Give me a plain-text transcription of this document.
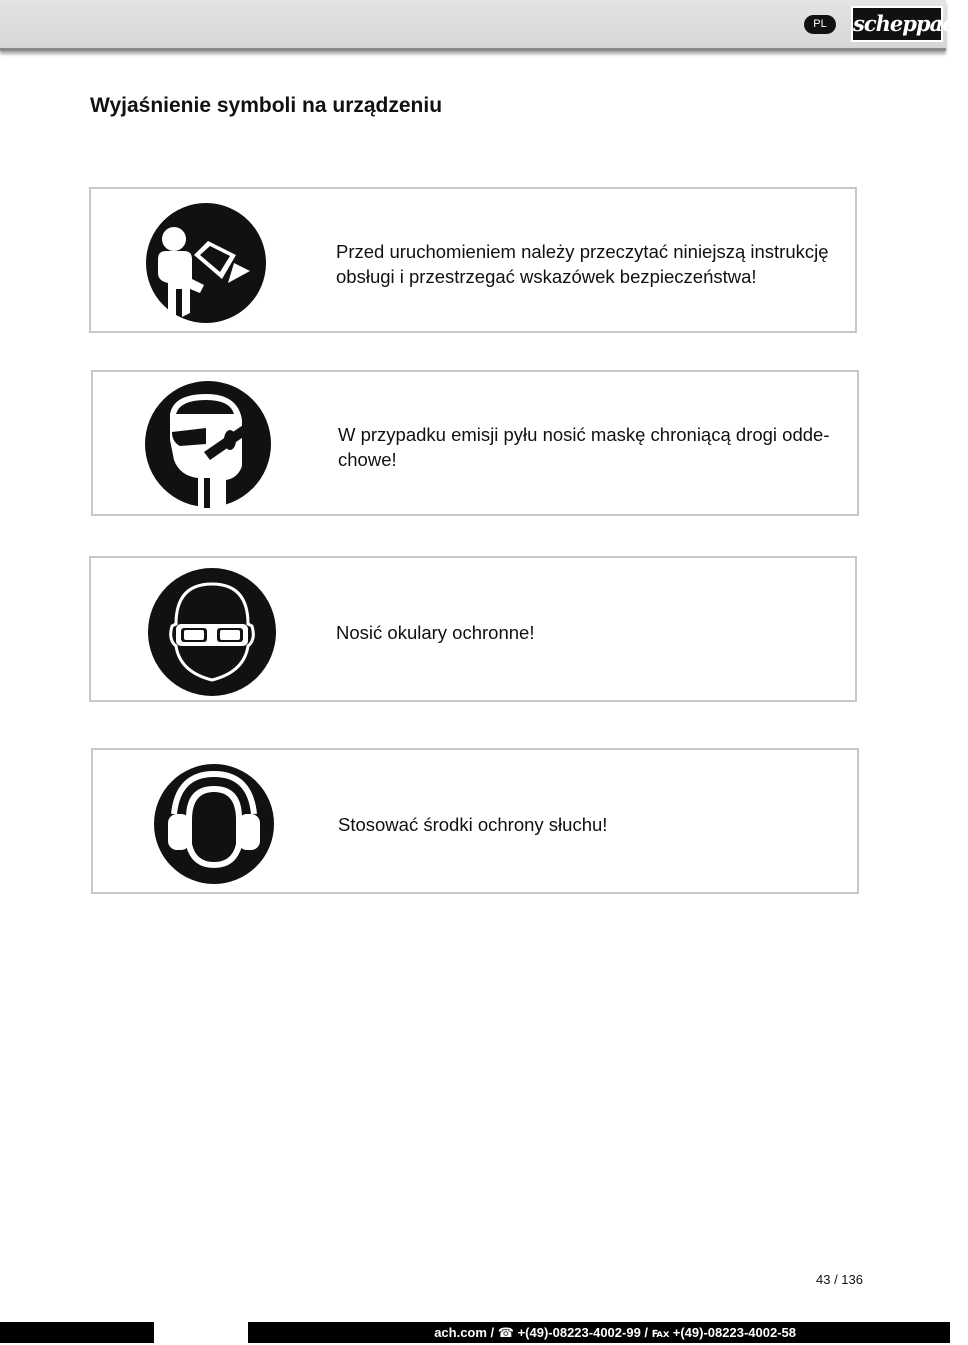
PL	scheppach
Wyjaśnienie symboli na urządzeniu
Przed uruchomieniem należy przeczytać niniejszą instrukcję obsługi i przestrzegać wskazówek bezpieczeństwa!
W przypadku emisji pyłu nosić maskę chroniącą drogi odde-chowe!
Nosić okulary ochronne!
Stosować środki ochrony słuchu!
43 / 136
ach.com / ☎ +(49)-08223-4002-99 / ℻ +(49)-08223-4002-58
